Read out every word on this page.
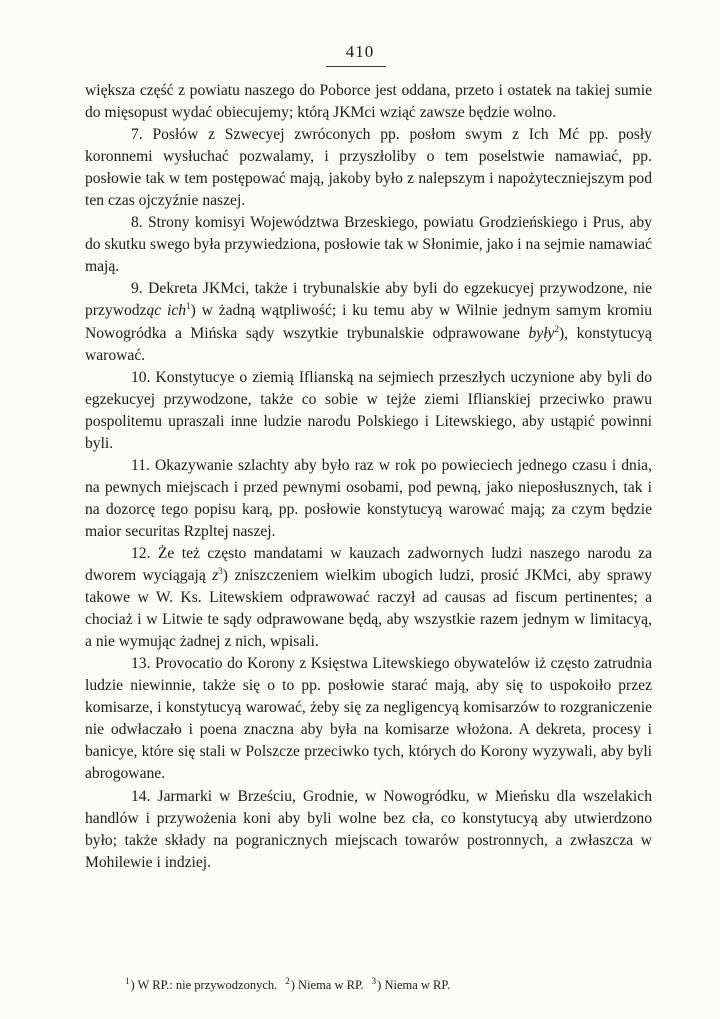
410

większa część z powiatu naszego do Poborce jest oddana, przeto i ostatek na takiej sumie do mięsopust wydać obiecujemy; którą JKMci wziąć zawsze będzie wolno.

7. Posłów z Szwecyej zwróconych pp. posłom swym z Ich Mć pp. posły koronnemi wysłuchać pozwalamy, i przyszłoliby o tem poselstwie namawiać, pp. posłowie tak w tem postępować mają, jakoby było z nalepszym i napożyteczniejszym pod ten czas ojczyźnie naszej.

8. Strony komisyi Województwa Brzeskiego, powiatu Grodzieńskiego i Prus, aby do skutku swego była przywiedziona, posłowie tak w Słonimie, jako i na sejmie namawiać mają.

9. Dekreta JKMci, także i trybunalskie aby byli do egzekucyej przywodzone, nie przywodząc ich$^1$) w żadną wątpliwość; i ku temu aby w Wilnie jednym samym kromiu Nowogródka a Mińska sądy wszytkie trybunalskie odprawowane były$^2$), konstytucyą warować.

10. Konstytucye o ziemią Iflianską na sejmiech przeszłych uczynione aby byli do egzekucyej przywodzone, także co sobie w tejże ziemi Iflianskiej przeciwko prawu pospolitemu upraszali inne ludzie narodu Polskiego i Litewskiego, aby ustąpić powinni byli.

11. Okazywanie szlachty aby było raz w rok po powieciech jednego czasu i dnia, na pewnych miejscach i przed pewnymi osobami, pod pewną, jako nieposłusznych, tak i na dozorcę tego popisu karą, pp. posłowie konstytucyą warować mają; za czym będzie maior securitas Rzpltej naszej.

12. Że też często mandatami w kauzach zadwornych ludzi naszego narodu za dworem wyciągają $z^3$) zniszczeniem wielkim ubogich ludzi, prosić JKMci, aby sprawy takowe w W. Ks. Litewskiem odprawować raczył ad causas ad fiscum pertinentes; a chociaż i w Litwie te sądy odprawowane będą, aby wszystkie razem jednym w limitacyą, a nie wymując żadnej z nich, wpisali.

13. Provocatio do Korony z Księstwa Litewskiego obywatelów iż często zatrudnia ludzie niewinnie, także się o to pp. posłowie starać mają, aby się to uspokoiło przez komisarze, i konstytucyą warować, żeby się za negligencyą komisarzów to rozgraniczenie nie odwłaczało i poena znaczna aby była na komisarze włożona. A dekreta, procesy i banicye, które się stali w Polszcze przeciwko tych, których do Korony wyzywali, aby byli abrogowane.

14. Jarmarki w Brześciu, Grodnie, w Nowogródku, w Mieńsku dla wszelakich handlów i przywożenia koni aby byli wolne bez cła, co konstytucyą aby utwierdzono było; także składy na pogranicznych miejscach towarów postronnych, a zwłaszcza w Mohilewie i indziej.

$^1$) W RP.: nie przywodzonych. $^2$) Niema w RP. $^3$) Niema w RP.
